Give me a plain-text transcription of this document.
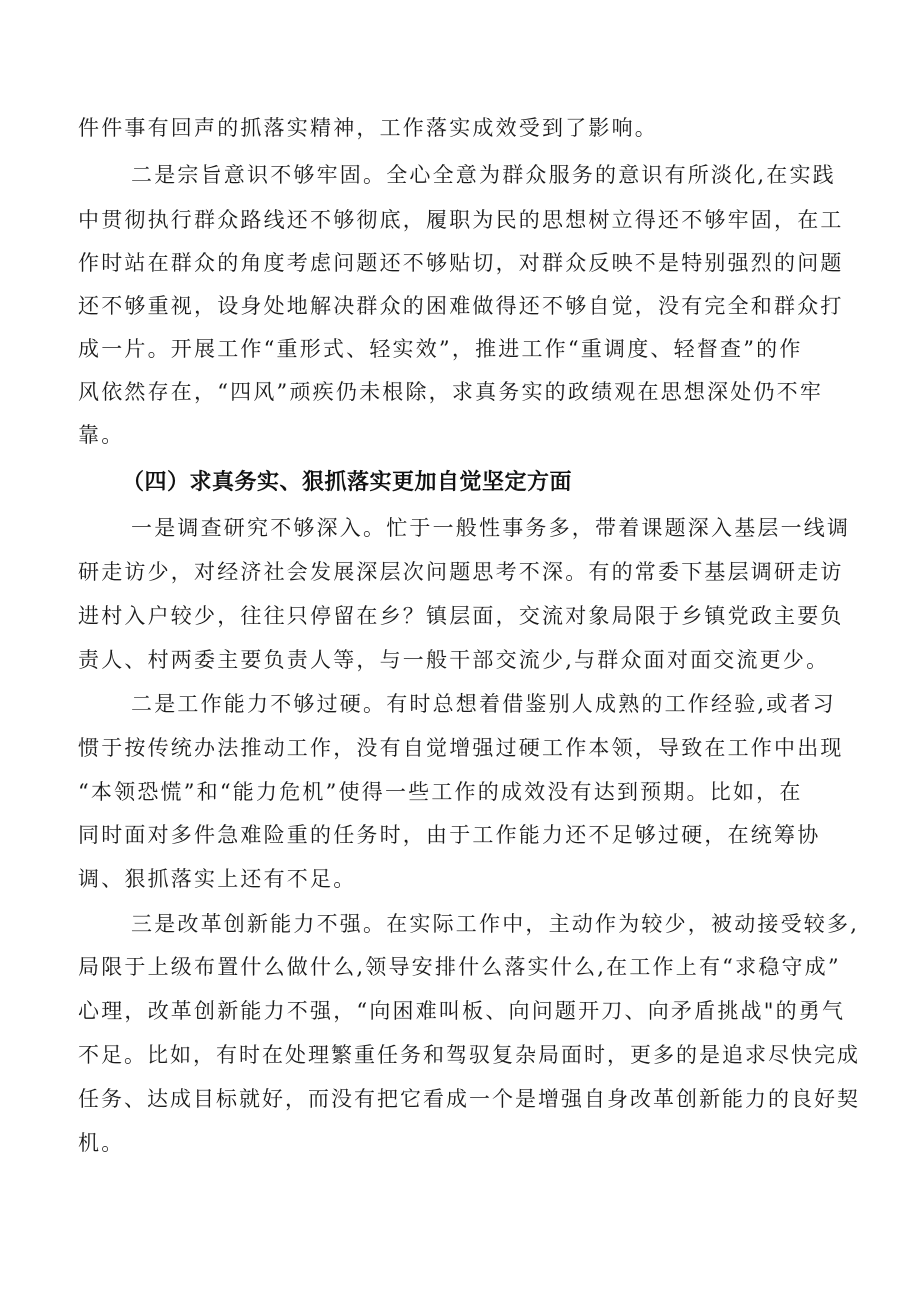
件件事有回声的抓落实精神，工作落实成效受到了影响。
二是宗旨意识不够牢固。全心全意为群众服务的意识有所淡化,在实践
中贯彻执行群众路线还不够彻底，履职为民的思想树立得还不够牢固，在工
作时站在群众的角度考虑问题还不够贴切，对群众反映不是特别强烈的问题
还不够重视，设身处地解决群众的困难做得还不够自觉，没有完全和群众打
成一片。开展工作“重形式、轻实效”，推进工作“重调度、轻督查”的作
风依然存在，“四风”顽疾仍未根除，求真务实的政绩观在思想深处仍不牢
靠。
（四）求真务实、狠抓落实更加自觉坚定方面
一是调查研究不够深入。忙于一般性事务多，带着课题深入基层一线调
研走访少，对经济社会发展深层次问题思考不深。有的常委下基层调研走访
进村入户较少，往往只停留在乡？镇层面，交流对象局限于乡镇党政主要负
责人、村两委主要负责人等，与一般干部交流少,与群众面对面交流更少。
二是工作能力不够过硬。有时总想着借鉴别人成熟的工作经验,或者习
惯于按传统办法推动工作，没有自觉增强过硬工作本领，导致在工作中出现
“本领恐慌”和“能力危机”使得一些工作的成效没有达到预期。比如，在
同时面对多件急难险重的任务时，由于工作能力还不足够过硬，在统筹协
调、狠抓落实上还有不足。
三是改革创新能力不强。在实际工作中，主动作为较少，被动接受较多,
局限于上级布置什么做什么,领导安排什么落实什么,在工作上有“求稳守成”
心理，改革创新能力不强，“向困难叫板、向问题开刀、向矛盾挑战"的勇气
不足。比如，有时在处理繁重任务和驾驭复杂局面时，更多的是追求尽快完成
任务、达成目标就好，而没有把它看成一个是增强自身改革创新能力的良好契
机。
